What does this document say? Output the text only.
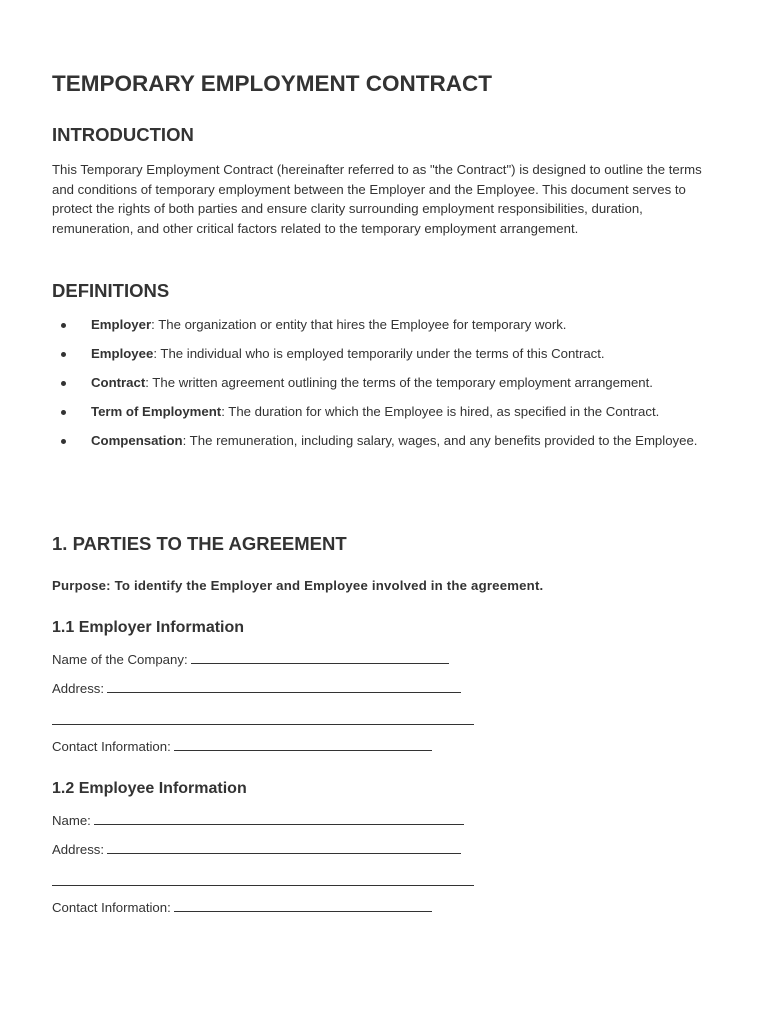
TEMPORARY EMPLOYMENT CONTRACT
INTRODUCTION

This Temporary Employment Contract (hereinafter referred to as "the Contract") is designed to outline the terms and conditions of temporary employment between the Employer and the Employee. This document serves to protect the rights of both parties and ensure clarity surrounding employment responsibilities, duration, remuneration, and other critical factors related to the temporary employment arrangement.

DEFINITIONS
Employer: The organization or entity that hires the Employee for temporary work.
Employee: The individual who is employed temporarily under the terms of this Contract.
Contract: The written agreement outlining the terms of the temporary employment arrangement.
Term of Employment: The duration for which the Employee is hired, as specified in the Contract.
Compensation: The remuneration, including salary, wages, and any benefits provided to the Employee.
1. PARTIES TO THE AGREEMENT

Purpose: To identify the Employer and Employee involved in the agreement.

1.1 Employer Information

Name of the Company:

Address:

Contact Information:

1.2 Employee Information

Name:

Address:

Contact Information:
